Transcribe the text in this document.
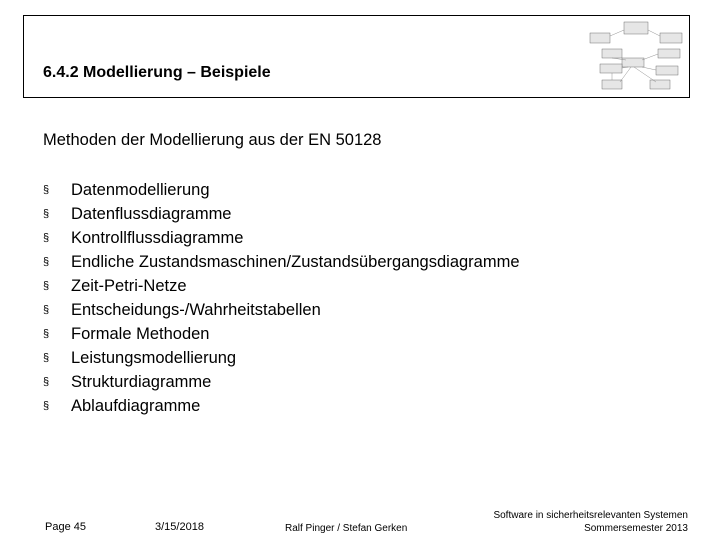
6.4.2 Modellierung – Beispiele
Methoden der Modellierung aus der EN 50128
§	Datenmodellierung
§	Datenflussdiagramme
§	Kontrollflussdiagramme
§	Endliche Zustandsmaschinen/Zustandsübergangsdiagramme
§	Zeit-Petri-Netze
§	Entscheidungs-/Wahrheitstabellen
§	Formale Methoden
§	Leistungsmodellierung
§	Strukturdiagramme
§	Ablaufdiagramme
Page 45	3/15/2018	Ralf Pinger / Stefan Gerken
Software in sicherheitsrelevanten Systemen
Sommersemester 2013
